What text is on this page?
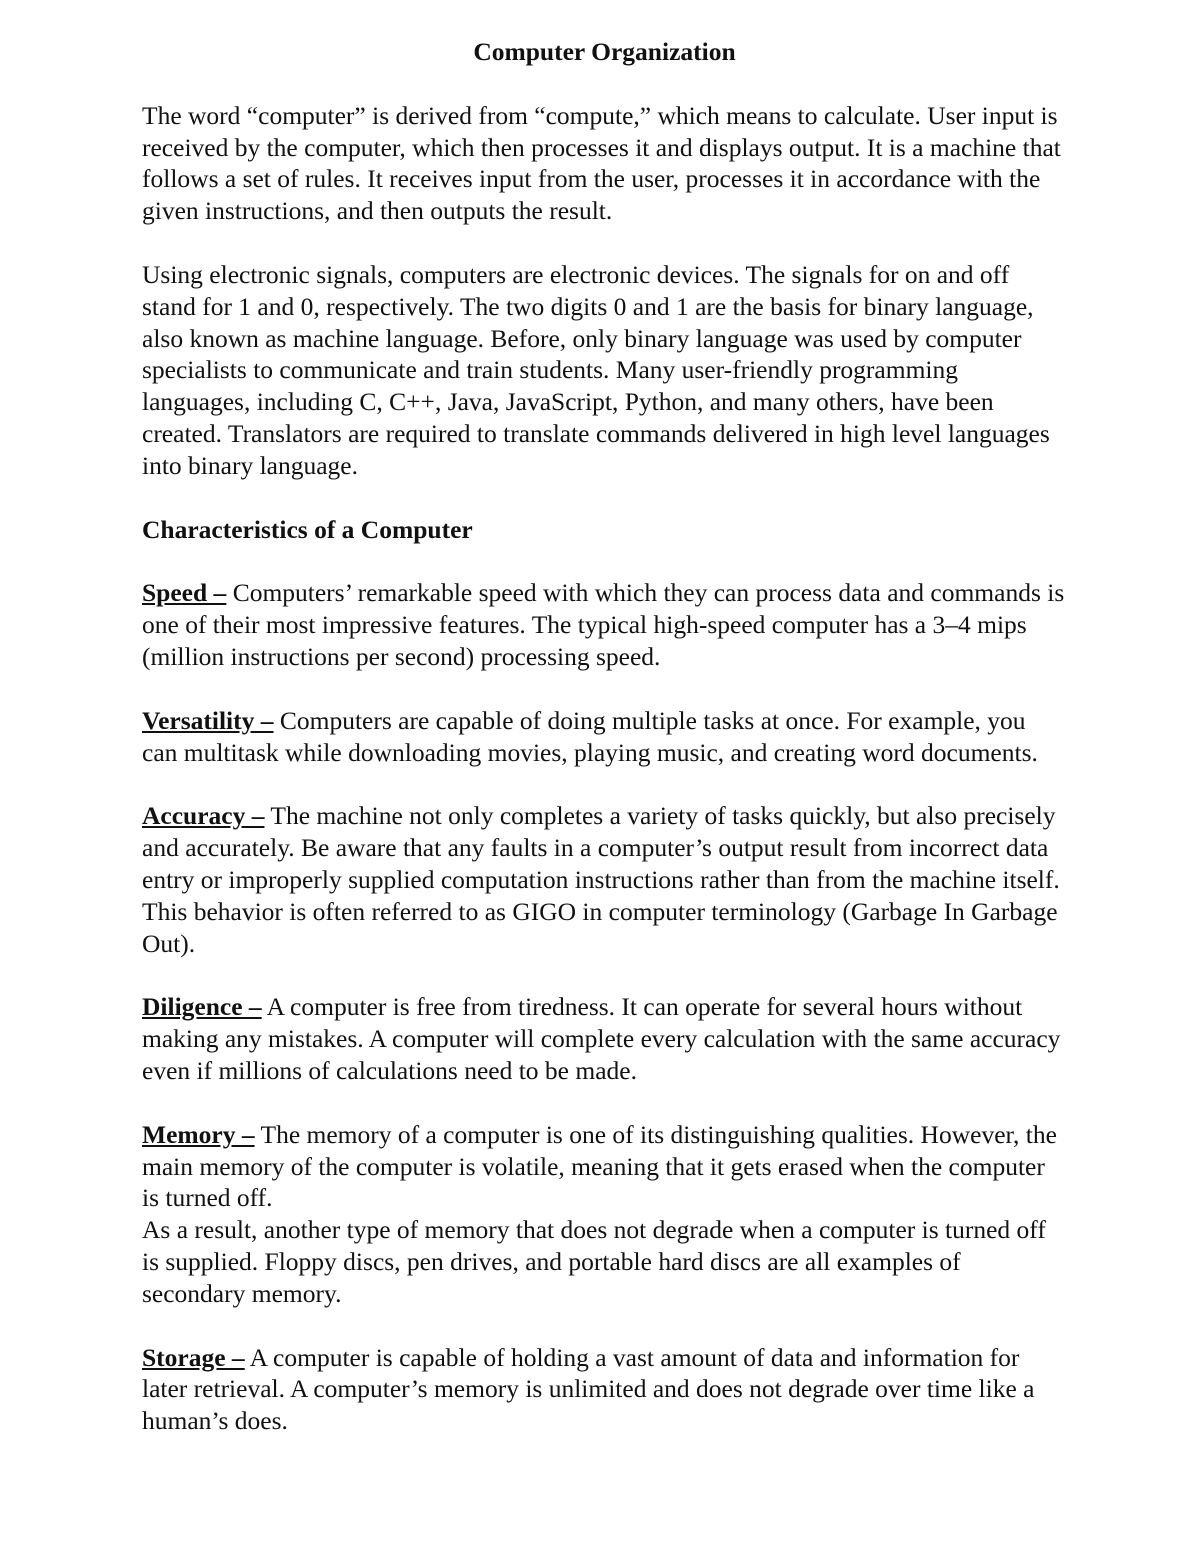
Computer Organization

The word “computer” is derived from “compute,” which means to calculate. User input is received by the computer, which then processes it and displays output. It is a machine that follows a set of rules. It receives input from the user, processes it in accordance with the given instructions, and then outputs the result.

Using electronic signals, computers are electronic devices. The signals for on and off stand for 1 and 0, respectively. The two digits 0 and 1 are the basis for binary language, also known as machine language. Before, only binary language was used by computer specialists to communicate and train students. Many user-friendly programming languages, including C, C++, Java, JavaScript, Python, and many others, have been created. Translators are required to translate commands delivered in high level languages into binary language.

Characteristics of a Computer

Speed – Computers’ remarkable speed with which they can process data and commands is one of their most impressive features. The typical high-speed computer has a 3–4 mips (million instructions per second) processing speed.

Versatility – Computers are capable of doing multiple tasks at once. For example, you can multitask while downloading movies, playing music, and creating word documents.

Accuracy – The machine not only completes a variety of tasks quickly, but also precisely and accurately. Be aware that any faults in a computer’s output result from incorrect data entry or improperly supplied computation instructions rather than from the machine itself. This behavior is often referred to as GIGO in computer terminology (Garbage In Garbage Out).

Diligence – A computer is free from tiredness. It can operate for several hours without making any mistakes. A computer will complete every calculation with the same accuracy even if millions of calculations need to be made.

Memory – The memory of a computer is one of its distinguishing qualities. However, the main memory of the computer is volatile, meaning that it gets erased when the computer is turned off.

As a result, another type of memory that does not degrade when a computer is turned off is supplied. Floppy discs, pen drives, and portable hard discs are all examples of secondary memory.

Storage – A computer is capable of holding a vast amount of data and information for later retrieval. A computer’s memory is unlimited and does not degrade over time like a human’s does.
